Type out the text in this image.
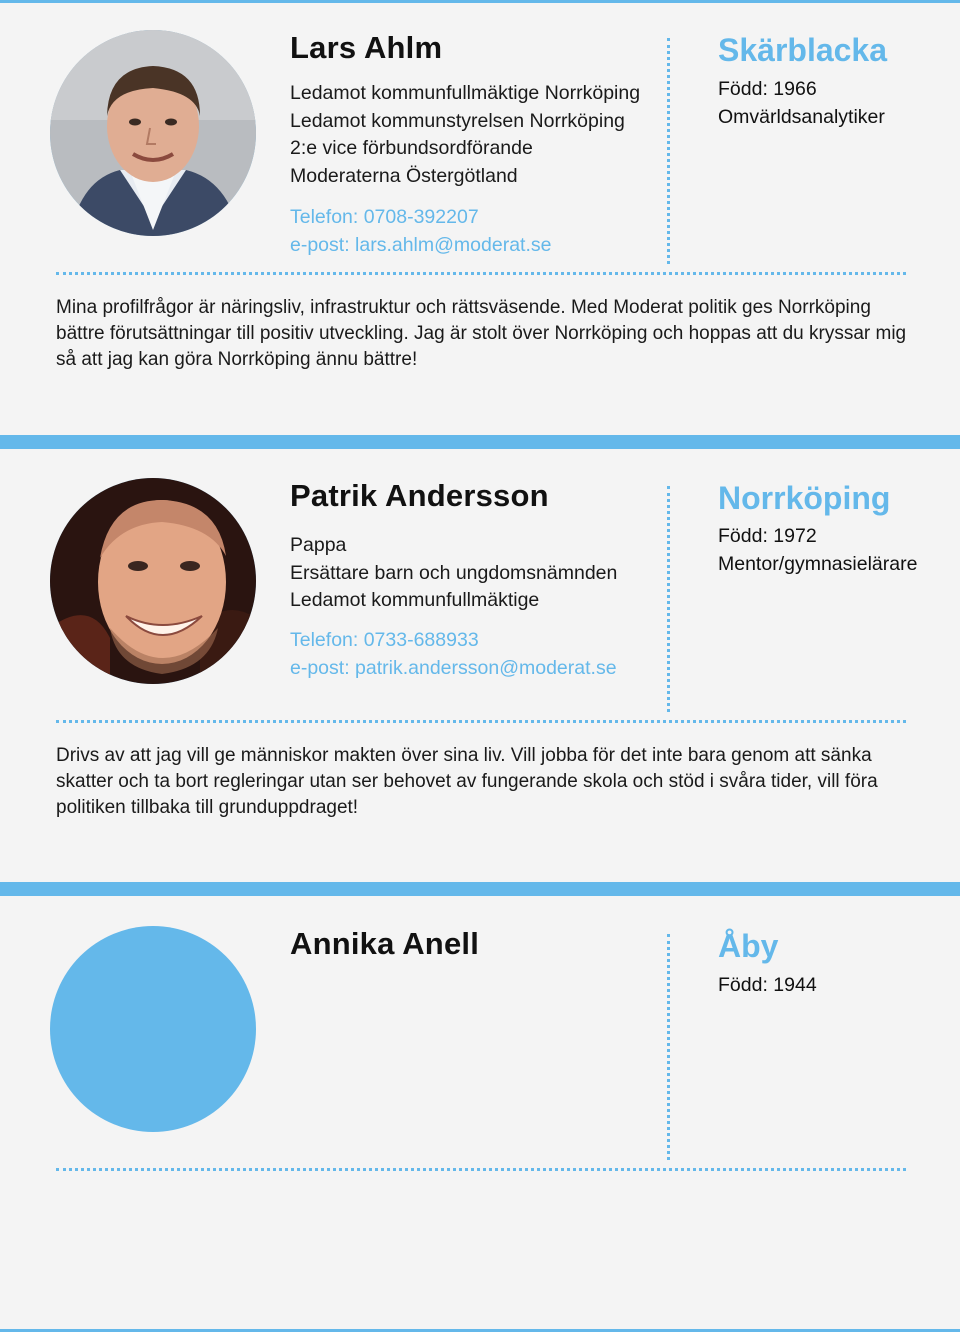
Lars Ahlm
Ledamot kommunfullmäktige Norrköping
Ledamot kommunstyrelsen Norrköping
2:e vice förbundsordförande
Moderaterna Östergötland
Telefon: 0708-392207
e-post: lars.ahlm@moderat.se
Skärblacka
Född: 1966
Omvärldsanalytiker
Mina profilfrågor är näringsliv, infrastruktur och rättsväsende. Med Moderat politik ges Norrköping bättre förutsättningar till positiv utveckling. Jag är stolt över Norrköping och hoppas att du kryssar mig så att jag kan göra Norrköping ännu bättre!
Patrik Andersson
Pappa
Ersättare barn och ungdomsnämnden
Ledamot kommunfullmäktige
Telefon: 0733-688933
e-post: patrik.andersson@moderat.se
Norrköping
Född: 1972
Mentor/gymnasielärare
Drivs av att jag vill ge människor makten över sina liv. Vill jobba för det inte bara genom att sänka skatter och ta bort regleringar utan ser behovet av fungerande skola och stöd i svåra tider, vill föra politiken tillbaka till grunduppdraget!
Annika Anell	Åby
Född: 1944
